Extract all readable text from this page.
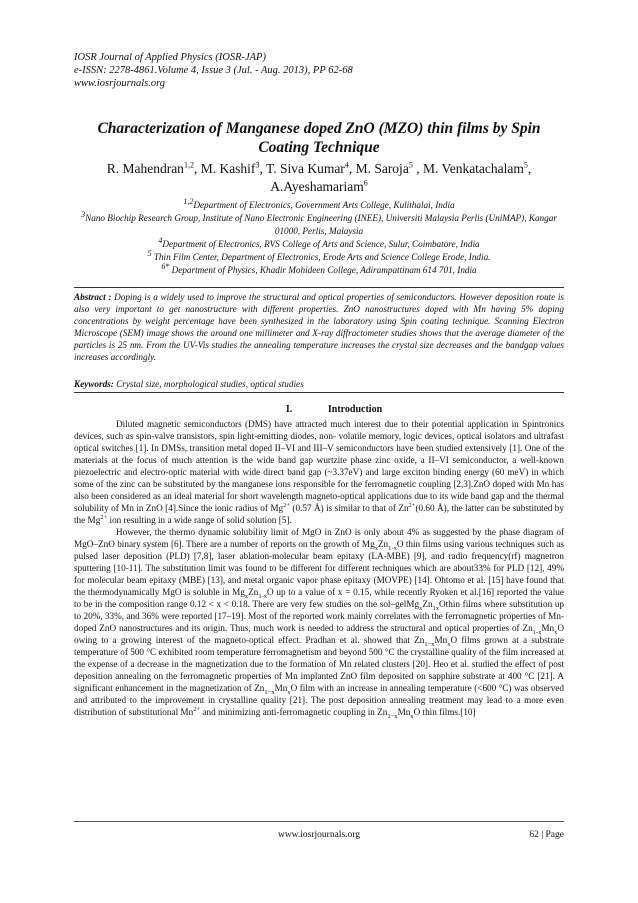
IOSR Journal of Applied Physics (IOSR-JAP)
e-ISSN: 2278-4861.Volume 4, Issue 3 (Jul. - Aug. 2013), PP 62-68
www.iosrjournals.org
Characterization of Manganese doped ZnO (MZO) thin films by Spin Coating Technique
R. Mahendran$^{1,2}$, M. Kashif$^3$, T. Siva Kumar$^4$, M. Saroja$^5$ , M. Venkatachalam$^5$, A.Ayeshamariam$^6$
$^{1,2}$Department of Electronics, Government Arts College, Kulithalai, India
$^3$Nano Biochip Research Group, Institute of Nano Electronic Engineering (INEE), Universiti Malaysia Perlis (UniMAP), Kangar 01000, Perlis, Malaysia
$^4$Department of Electronics, RVS College of Arts and Science, Sulur, Coimbatore, India
$^5$ Thin Film Center, Department of Electronics, Erode Arts and Science College Erode, India.
$^{6*}$ Department of Physics, Khadir Mohideen College, Adirampattinam 614 701, India
Abstract : Doping is a widely used to improve the structural and optical properties of semiconductors. However deposition route is also very important to get nanostructure with different properties. ZnO nanostructures doped with Mn having 5% doping concentrations by weight percentage have been synthesized in the laboratory using Spin coating technique. Scanning Electron Microscope (SEM) image shows the around one millimeter and X-ray diffractometer studies shows that the average diameter of the particles is 25 nm. From the UV-Vis studies the annealing temperature increases the crystal size decreases and the bandgap values increases accordingly.
Keywords: Crystal size, morphological studies, optical studies
I.	Introduction

Diluted magnetic semiconductors (DMS) have attracted much interest due to their potential application in Spintronics devices, such as spin-valve transistors, spin light-emitting diodes, non- volatile memory, logic devices, optical isolators and ultrafast optical switches [1]. In DMSs, transition metal doped II–VI and III–V semiconductors have been studied extensively [1]. One of the materials at the focus of much attention is the wide band gap wurtzite phase zinc oxide, a II–VI semiconductor, a well-known piezoelectric and electro-optic material with wide direct band gap (~3.37eV) and large exciton binding energy (60 meV) in which some of the zinc can be substituted by the manganese ions responsible for the ferromagnetic coupling [2,3].ZnO doped with Mn has also been considered as an ideal material for short wavelength magneto-optical applications due to its wide band gap and the thermal solubility of Mn in ZnO [4].Since the ionic radius of $Mg^{2+}$ (0.57 Å) is similar to that of $Zn^{2+}(0.60$ Å), the latter can be substituted by the $Mg^{2+}$ ion resulting in a wide range of solid solution [5].

However, the thermo dynamic solubility limit of MgO in ZnO is only about 4% as suggested by the phase diagram of MgO–ZnO binary system [6]. There are a number of reports on the growth of $Mg_xZn_{1-x}O$ thin films using various techniques such as pulsed laser deposition (PLD) [7,8], laser ablation-molecular beam epitaxy (LA-MBE) [9], and radio frequency(rf) magnetron sputtering [10-11]. The substitution limit was found to be different for different techniques which are about33% for PLD [12], 49% for molecular beam epitaxy (MBE) [13], and metal organic vapor phase epitaxy (MOVPE) [14]. Ohtomo et al. [15] have found that the thermodynamically MgO is soluble in $Mg_xZn_{1-x}O$ up to a value of x = 0.15, while recently Ryoken et al.[16] reported the value to be in the composition range 0.12 < x < 0.18. There are very few studies on the sol–$gelMg_xZn_{1x}Othin$ films where substitution up to 20%, 33%, and 36% were reported [17–19]. Most of the reported work mainly correlates with the ferromagnetic properties of Mn-doped ZnO nanostructures and its origin. Thus, much work is needed to address the structural and optical properties of $Zn_{1-x}Mn_xO$ owing to a growing interest of the magneto-optical effect. Pradhan et al. showed that $Zn_{1-x}Mn_xO$ films grown at a substrate temperature of 500 °C exhibited room temperature ferromagnetism and beyond 500 °C the crystalline quality of the film increased at the expense of a decrease in the magnetization due to the formation of Mn related clusters [20]. Heo et al. studied the effect of post deposition annealing on the ferromagnetic properties of Mn implanted ZnO film deposited on sapphire substrate at 400 °C [21]. A significant enhancement in the magnetization of $Zn_{1-x}Mn_xO$ film with an increase in annealing temperature (<600 °C) was observed and attributed to the improvement in crystalline quality [21]. The post deposition annealing treatment may lead to a more even distribution of substitutional $Mn^{2+}$ and minimizing anti-ferromagnetic coupling in $Zn_{1-x}Mn_xO$ thin films.[10]

www.iosrjournals.org	62 | Page
